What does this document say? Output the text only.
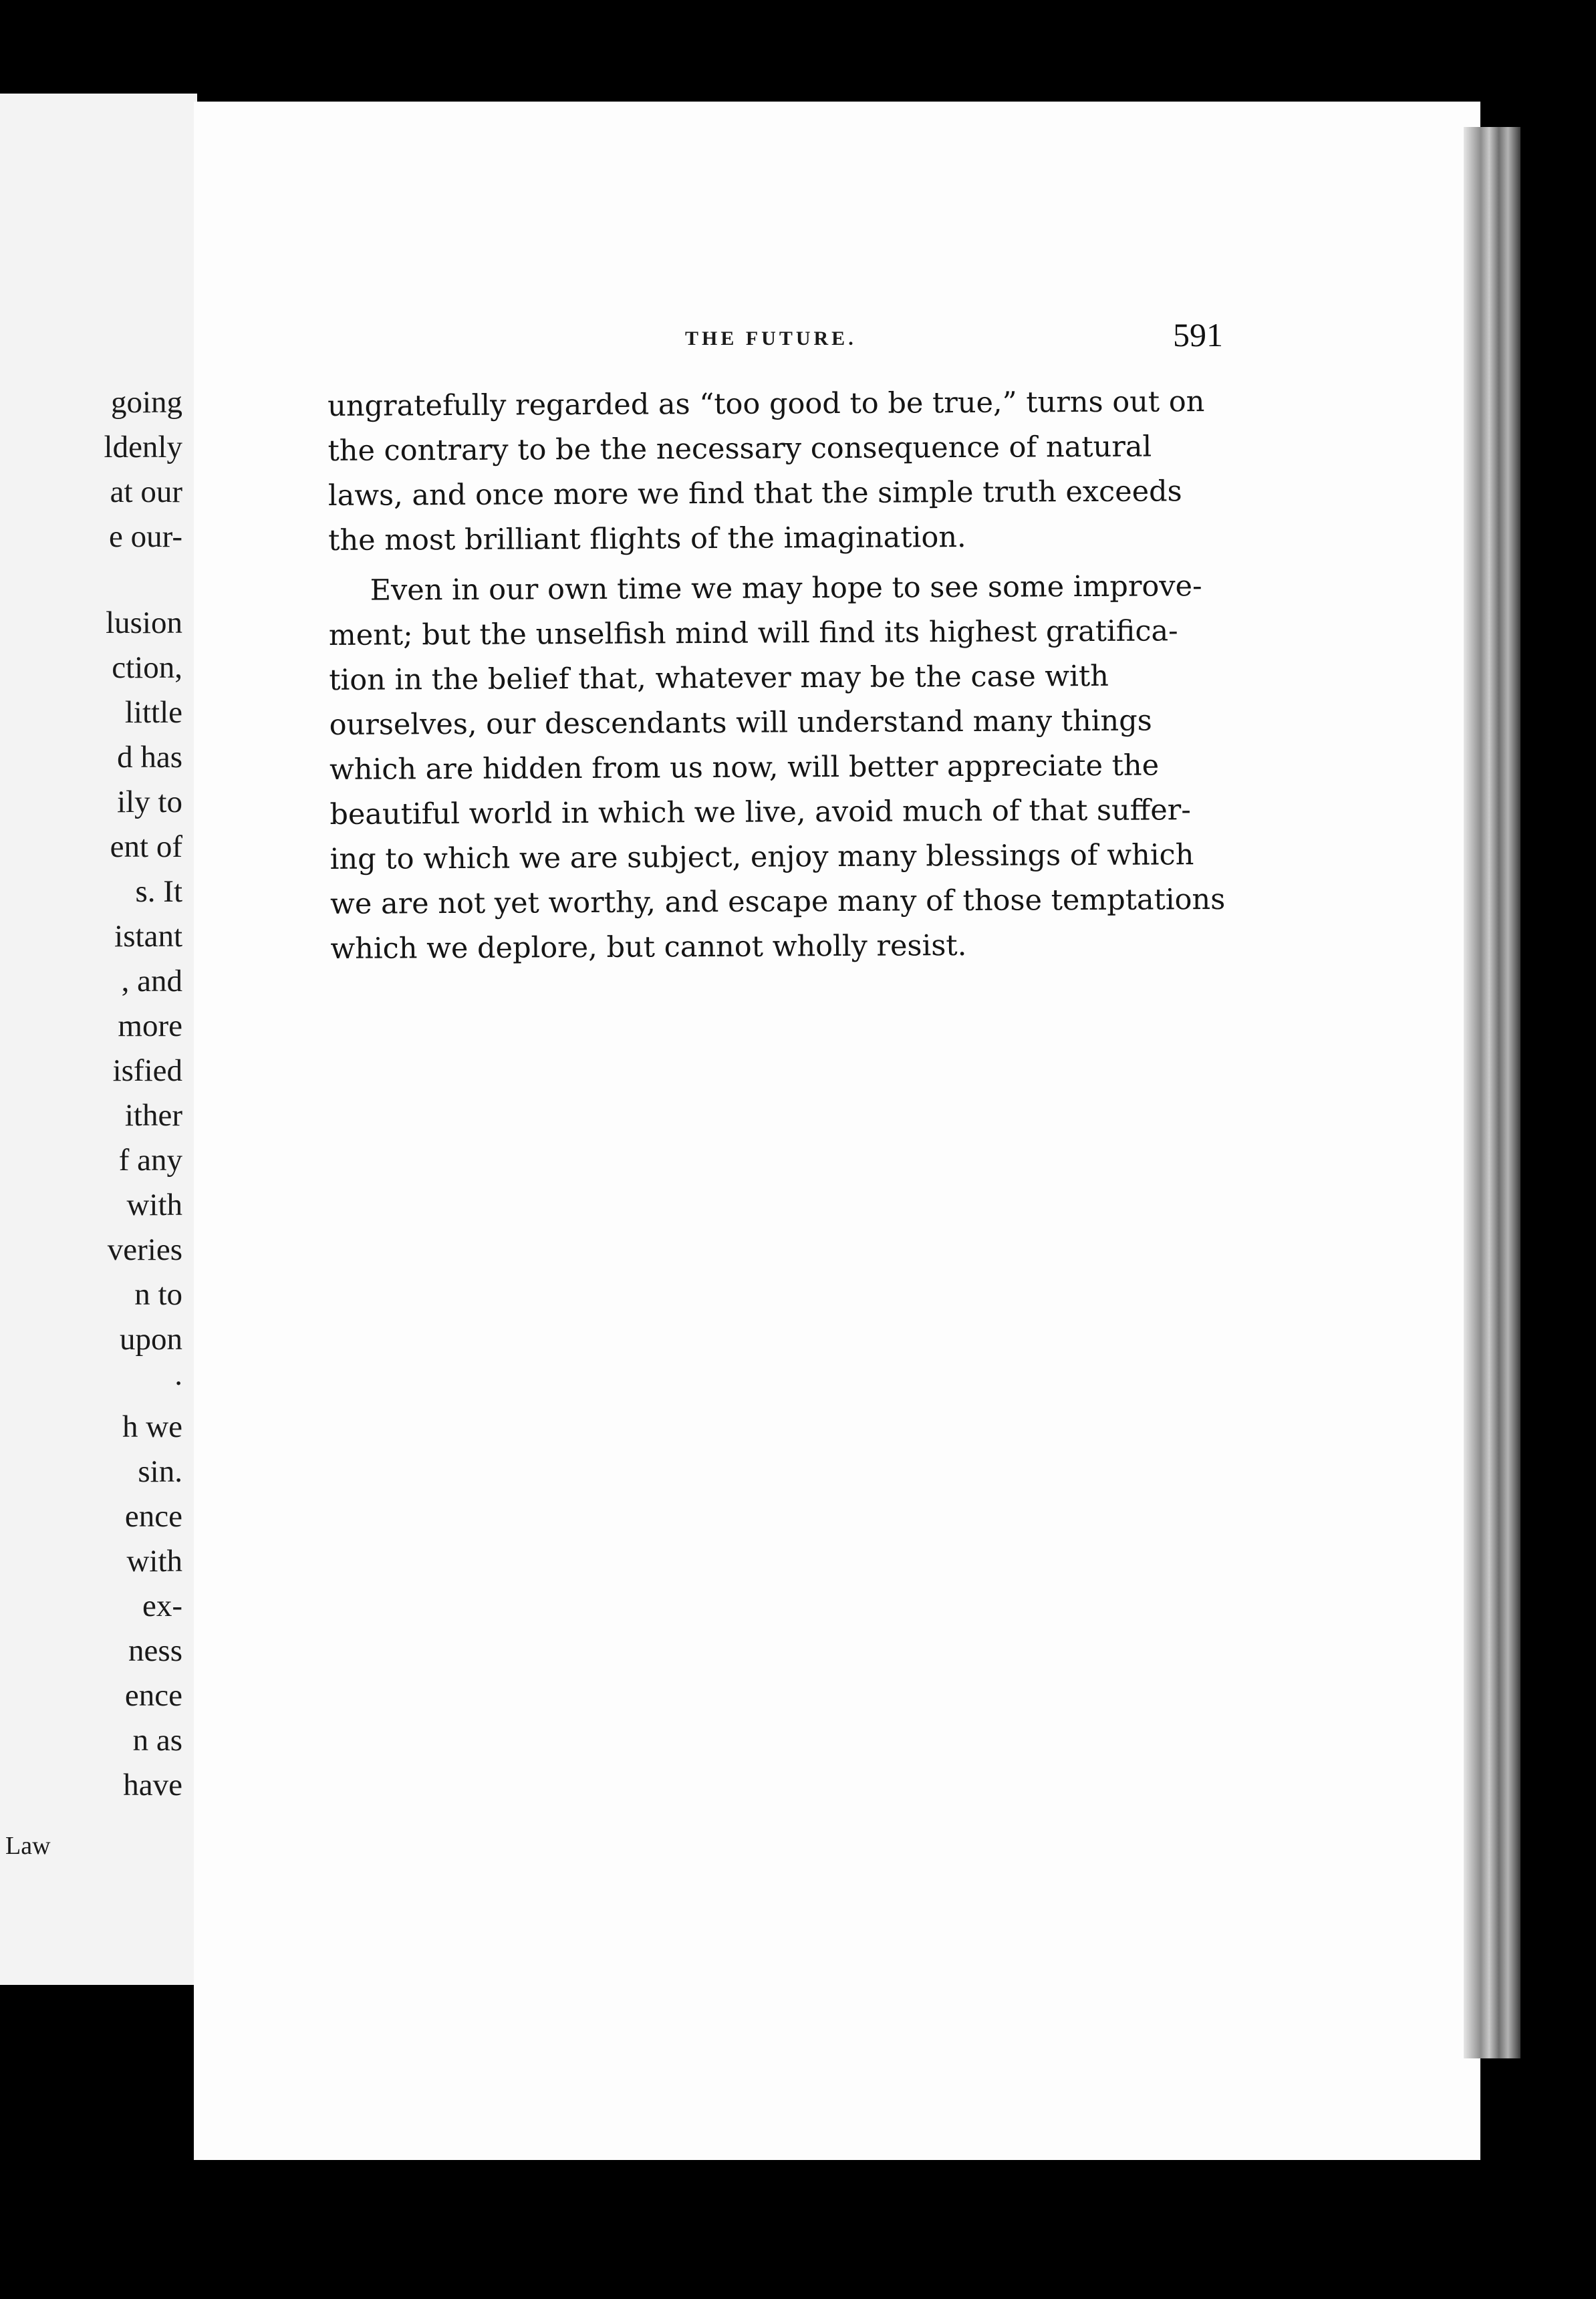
going

ldenly

at our

e our-

lusion

ction,

little

d has

ily to

ent of

s. It

istant

, and

more

isfied

ither

f any

with

veries

n to

upon

.

h we

sin.

ence

with

ex-

ness

ence

n as

have

Law

THE FUTURE.	591

ungratefully regarded as “too good to be true,” turns out on

the contrary to be the necessary consequence of natural

laws, and once more we find that the simple truth exceeds

the most brilliant flights of the imagination.

Even in our own time we may hope to see some improve-

ment; but the unselfish mind will find its highest gratifica-

tion in the belief that, whatever may be the case with

ourselves, our descendants will understand many things

which are hidden from us now, will better appreciate the

beautiful world in which we live, avoid much of that suffer-

ing to which we are subject, enjoy many blessings of which

we are not yet worthy, and escape many of those temptations

which we deplore, but cannot wholly resist.
